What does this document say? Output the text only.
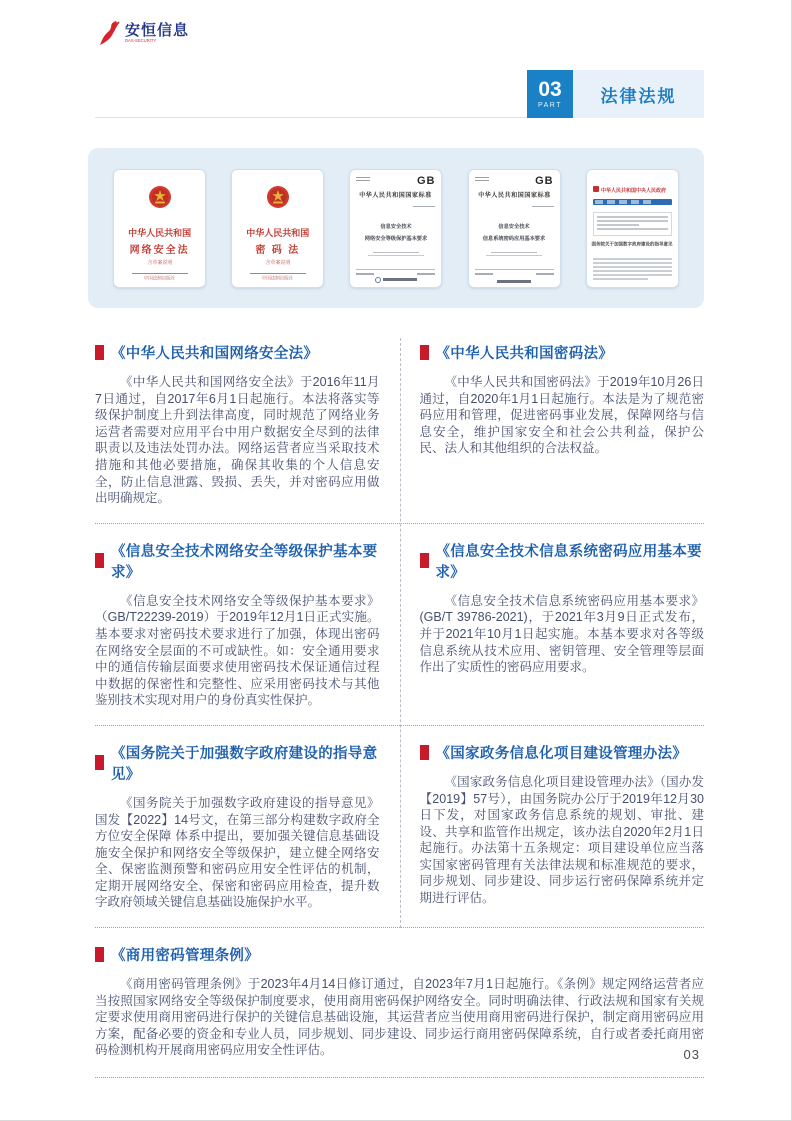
安恒信息
DAS-SECURITY
03
PART 法律法规
中华人民共和国
网络安全法
含草案说明
中国法制出版社
中华人民共和国
密 码 法
含草案说明
中国法制出版社
GB
中华人民共和国国家标准
信息安全技术
网络安全等级保护基本要求
GB
中华人民共和国国家标准
信息安全技术
信息系统密码应用基本要求
中华人民共和国中央人民政府
国务院关于加强数字政府建设的指导意见
《中华人民共和国网络安全法》

《中华人民共和国网络安全法》于2016年11月7日通过，自2017年6月1日起施行。本法将落实等级保护制度上升到法律高度，同时规范了网络业务运营者需要对应用平台中用户数据安全尽到的法律职责以及违法处罚办法。网络运营者应当采取技术措施和其他必要措施，确保其收集的个人信息安全，防止信息泄露、毁损、丢失，并对密码应用做出明确规定。

《中华人民共和国密码法》

《中华人民共和国密码法》于2019年10月26日通过，自2020年1月1日起施行。本法是为了规范密码应用和管理，促进密码事业发展，保障网络与信息安全，维护国家安全和社会公共利益，保护公民、法人和其他组织的合法权益。

《信息安全技术网络安全等级保护基本要求》

《信息安全技术网络安全等级保护基本要求》（GB/T22239-2019）于2019年12月1日正式实施。基本要求对密码技术要求进行了加强，体现出密码在网络安全层面的不可或缺性。如：安全通用要求中的通信传输层面要求使用密码技术保证通信过程中数据的保密性和完整性、应采用密码技术与其他鉴别技术实现对用户的身份真实性保护。

《信息安全技术信息系统密码应用基本要求》

《信息安全技术信息系统密码应用基本要求》(GB/T 39786-2021)，于2021年3月9日正式发布，并于2021年10月1日起实施。本基本要求对各等级信息系统从技术应用、密钥管理、安全管理等层面作出了实质性的密码应用要求。

《国务院关于加强数字政府建设的指导意见》

《国务院关于加强数字政府建设的指导意见》国发【2022】14号文，在第三部分构建数字政府全方位安全保障 体系中提出，要加强关键信息基础设施安全保护和网络安全等级保护，建立健全网络安全、保密监测预警和密码应用安全性评估的机制，定期开展网络安全、保密和密码应用检查，提升数字政府领域关键信息基础设施保护水平。

《国家政务信息化项目建设管理办法》

《国家政务信息化项目建设管理办法》（国办发【2019】57号），由国务院办公厅于2019年12月30日下发，对国家政务信息系统的规划、审批、建设、共享和监管作出规定，该办法自2020年2月1日起施行。办法第十五条规定：项目建设单位应当落实国家密码管理有关法律法规和标准规范的要求，同步规划、同步建设、同步运行密码保障系统并定期进行评估。

《商用密码管理条例》

《商用密码管理条例》于2023年4月14日修订通过，自2023年7月1日起施行。《条例》规定网络运营者应当按照国家网络安全等级保护制度要求，使用商用密码保护网络安全。同时明确法律、行政法规和国家有关规定要求使用商用密码进行保护的关键信息基础设施，其运营者应当使用商用密码进行保护，制定商用密码应用方案，配备必要的资金和专业人员，同步规划、同步建设、同步运行商用密码保障系统，自行或者委托商用密码检测机构开展商用密码应用安全性评估。	03
